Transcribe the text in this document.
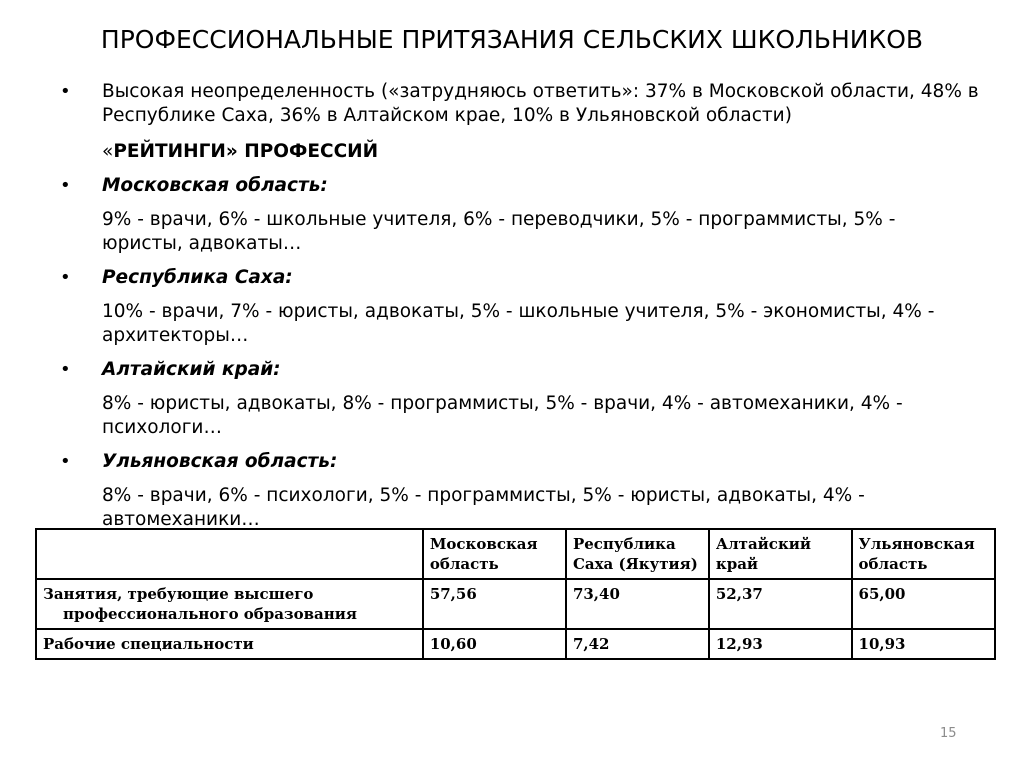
ПРОФЕССИОНАЛЬНЫЕ ПРИТЯЗАНИЯ СЕЛЬСКИХ ШКОЛЬНИКОВ
•	Высокая неопределенность («затрудняюсь ответить»: 37% в Московской области, 48% в Республике Саха, 36% в Алтайском крае, 10% в Ульяновской области)
«РЕЙТИНГИ» ПРОФЕССИЙ
•	Московская область:
9% - врачи, 6% - школьные учителя, 6% - переводчики, 5% - программисты, 5% - юристы, адвокаты…
•	Республика Саха:
10% - врачи, 7% - юристы, адвокаты, 5% - школьные учителя, 5% - экономисты, 4% - архитекторы…
•	Алтайский край:
8% - юристы, адвокаты, 8% - программисты, 5% - врачи, 4% - автомеханики, 4% - психологи…
•	Ульяновская область:
8% - врачи, 6% - психологи, 5% - программисты, 5% - юристы, адвокаты, 4% - автомеханики…
	Московская область	Республика Саха (Якутия)	Алтайский край	Ульяновская область

Занятия, требующие высшего профессионального образования	57,56	73,40	52,37	65,00
Рабочие специальности	10,60	7,42	12,93	10,93
15
